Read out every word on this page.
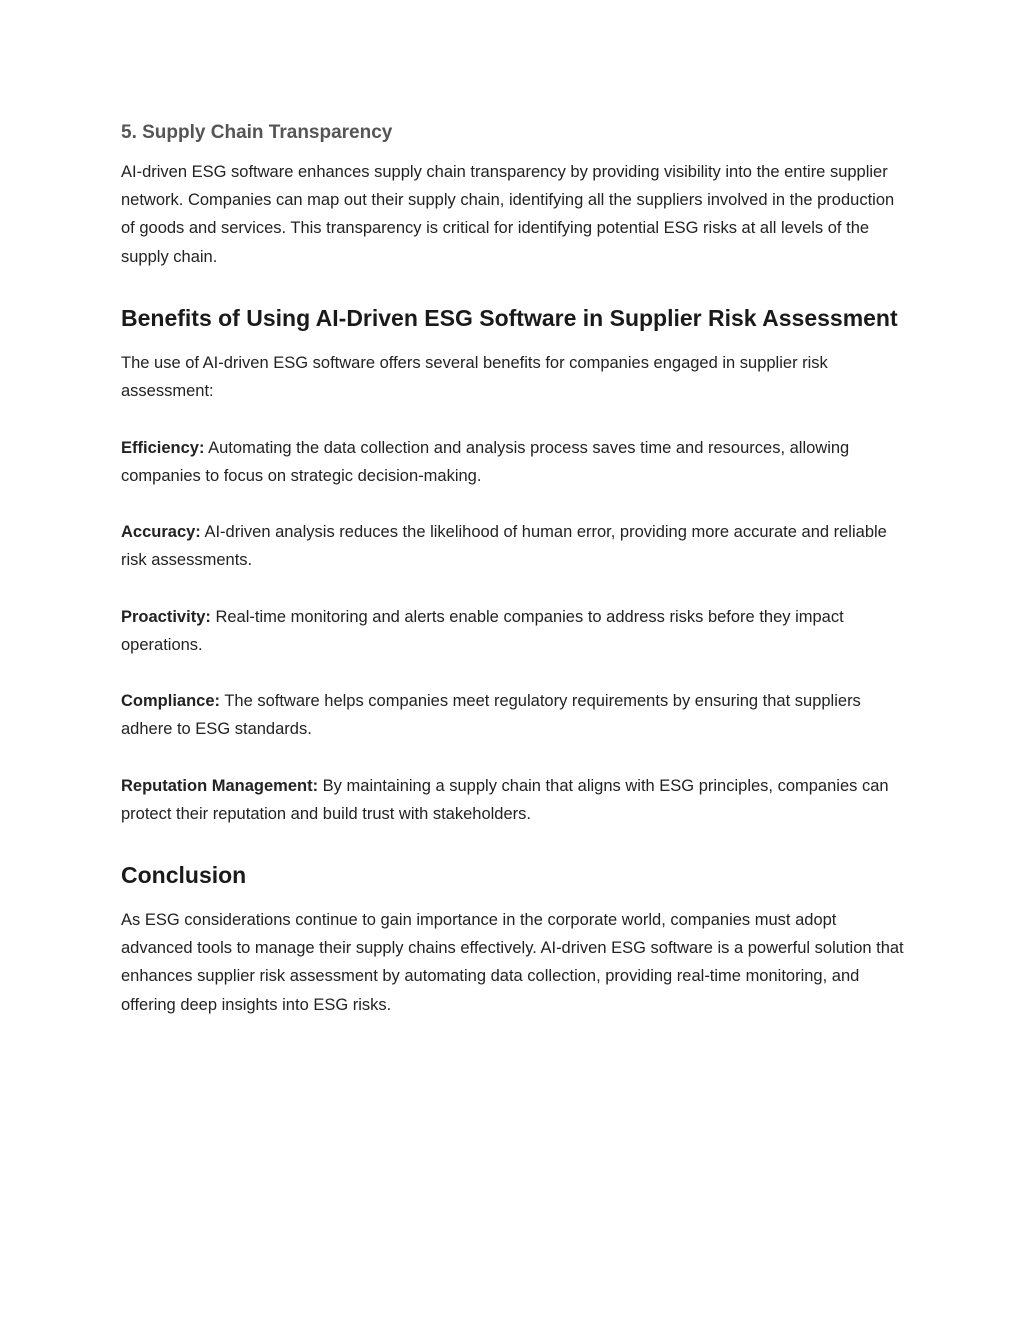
5. Supply Chain Transparency

AI-driven ESG software enhances supply chain transparency by providing visibility into the entire supplier network. Companies can map out their supply chain, identifying all the suppliers involved in the production of goods and services. This transparency is critical for identifying potential ESG risks at all levels of the supply chain.

Benefits of Using AI-Driven ESG Software in Supplier Risk Assessment

The use of AI-driven ESG software offers several benefits for companies engaged in supplier risk assessment:

Efficiency: Automating the data collection and analysis process saves time and resources, allowing companies to focus on strategic decision-making.

Accuracy: AI-driven analysis reduces the likelihood of human error, providing more accurate and reliable risk assessments.

Proactivity: Real-time monitoring and alerts enable companies to address risks before they impact operations.

Compliance: The software helps companies meet regulatory requirements by ensuring that suppliers adhere to ESG standards.

Reputation Management: By maintaining a supply chain that aligns with ESG principles, companies can protect their reputation and build trust with stakeholders.

Conclusion

As ESG considerations continue to gain importance in the corporate world, companies must adopt advanced tools to manage their supply chains effectively. AI-driven ESG software is a powerful solution that enhances supplier risk assessment by automating data collection, providing real-time monitoring, and offering deep insights into ESG risks.
